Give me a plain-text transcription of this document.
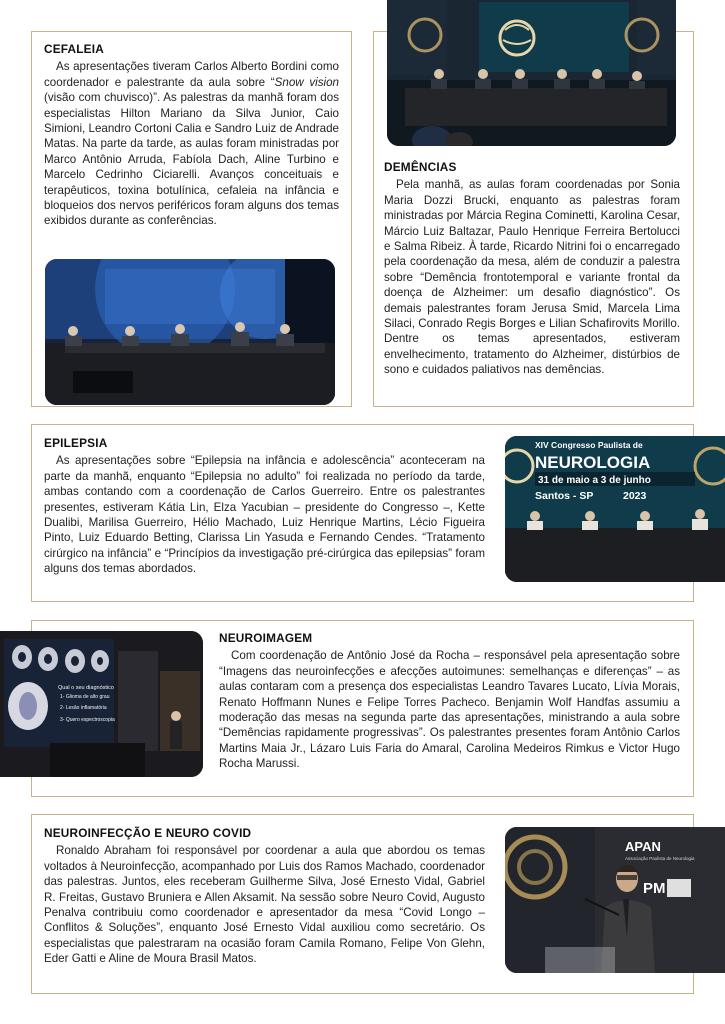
CEFALEIA

As apresentações tiveram Carlos Alberto Bordini como coordenador e palestrante da aula sobre “Snow vision (visão com chuvisco)”. As palestras da manhã foram dos especialistas Hilton Mariano da Silva Junior, Caio Simioni, Leandro Cortoni Calia e Sandro Luiz de Andrade Matas. Na parte da tarde, as aulas foram ministradas por Marco Antônio Arruda, Fabíola Dach, Aline Turbino e Marcelo Cedrinho Ciciarelli. Avanços conceituais e terapêuticos, toxina botulínica, cefaleia na infância e bloqueios dos nervos periféricos foram alguns dos temas exibidos durante as conferências.

DEMÊNCIAS

Pela manhã, as aulas foram coordenadas por Sonia Maria Dozzi Brucki, enquanto as palestras foram ministradas por Márcia Regina Cominetti, Karolina Cesar, Márcio Luiz Baltazar, Paulo Henrique Ferreira Bertolucci e Salma Ribeiz. À tarde, Ricardo Nitrini foi o encarregado pela coordenação da mesa, além de conduzir a palestra sobre “Demência frontotemporal e variante frontal da doença de Alzheimer: um desafio diagnóstico”. Os demais palestrantes foram Jerusa Smid, Marcela Lima Silaci, Conrado Regis Borges e Lilian Schafirovits Morillo. Dentre os temas apresentados, estiveram envelhecimento, tratamento do Alzheimer, distúrbios de sono e cuidados paliativos nas demências.

EPILEPSIA

As apresentações sobre “Epilepsia na infância e adolescência” aconteceram na parte da manhã, enquanto “Epilepsia no adulto” foi realizada no período da tarde, ambas contando com a coordenação de Carlos Guerreiro. Entre os palestrantes presentes, estiveram Kátia Lin, Elza Yacubian – presidente do Congresso –, Kette Dualibi, Marilisa Guerreiro, Hélio Machado, Luiz Henrique Martins, Lécio Figueira Pinto, Luiz Eduardo Betting, Clarissa Lin Yasuda e Fernando Cendes. “Tratamento cirúrgico na infância” e “Princípios da investigação pré-cirúrgica das epilepsias” foram alguns dos temas abordados.

XIV Congresso Paulista de
NEUROLOGIA
31 de maio a 3 de junho
Santos - SP	2023
Qual o seu diagnóstico
1- Glioma de alto grau
2- Lesão inflamatória
3- Quero espectroscopia
NEUROIMAGEM

Com coordenação de Antônio José da Rocha – responsável pela apresentação sobre “Imagens das neuroinfecções e afecções autoimunes: semelhanças e diferenças” – as aulas contaram com a presença dos especialistas Leandro Tavares Lucato, Lívia Morais, Renato Hoffmann Nunes e Felipe Torres Pacheco. Benjamin Wolf Handfas assumiu a moderação das mesas na segunda parte das apresentações, ministrando a aula sobre “Demências rapidamente progressivas”. Os palestrantes presentes foram Antônio Carlos Martins Maia Jr., Lázaro Luis Faria do Amaral, Carolina Medeiros Rimkus e Victor Hugo Rocha Marussi.

NEUROINFECÇÃO E NEURO COVID

Ronaldo Abraham foi responsável por coordenar a aula que abordou os temas voltados à Neuroinfecção, acompanhado por Luis dos Ramos Machado, coordenador das palestras. Juntos, eles receberam Guilherme Silva, José Ernesto Vidal, Gabriel R. Freitas, Gustavo Bruniera e Allen Aksamit. Na sessão sobre Neuro Covid, Augusto Penalva contribuiu como coordenador e apresentador da mesa “Covid Longo – Conflitos & Soluções”, enquanto José Ernesto Vidal auxiliou como secretário. Os especialistas que palestraram na ocasião foram Camila Romano, Felipe Von Glehn, Eder Gatti e Aline de Moura Brasil Matos.

APAN
Associação Paulista de Neurologia
PM
